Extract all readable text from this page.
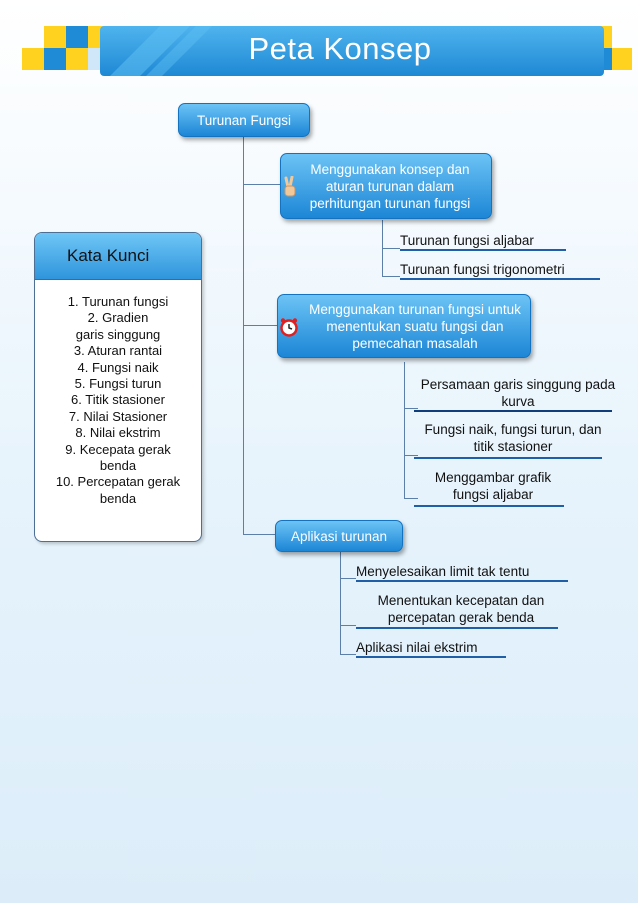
Peta Konsep
Turunan Fungsi
Menggunakan konsep dan aturan turunan dalam perhitungan turunan fungsi
Turunan fungsi aljabar
Turunan fungsi trigonometri
Menggunakan turunan fungsi untuk menentukan suatu fungsi dan pemecahan masalah
Persamaan garis singgung pada kurva
Fungsi naik, fungsi turun, dan titik stasioner
Menggambar grafik fungsi aljabar
Aplikasi turunan
Menyelesaikan limit tak tentu
Menentukan kecepatan dan percepatan gerak benda
Aplikasi nilai ekstrim
Kata Kunci
1. Turunan fungsi
2. Gradien garis singgung
3. Aturan rantai
4. Fungsi naik
5. Fungsi turun
6. Titik stasioner
7. Nilai Stasioner
8. Nilai ekstrim
9. Kecepata gerak benda
10. Percepatan gerak benda
